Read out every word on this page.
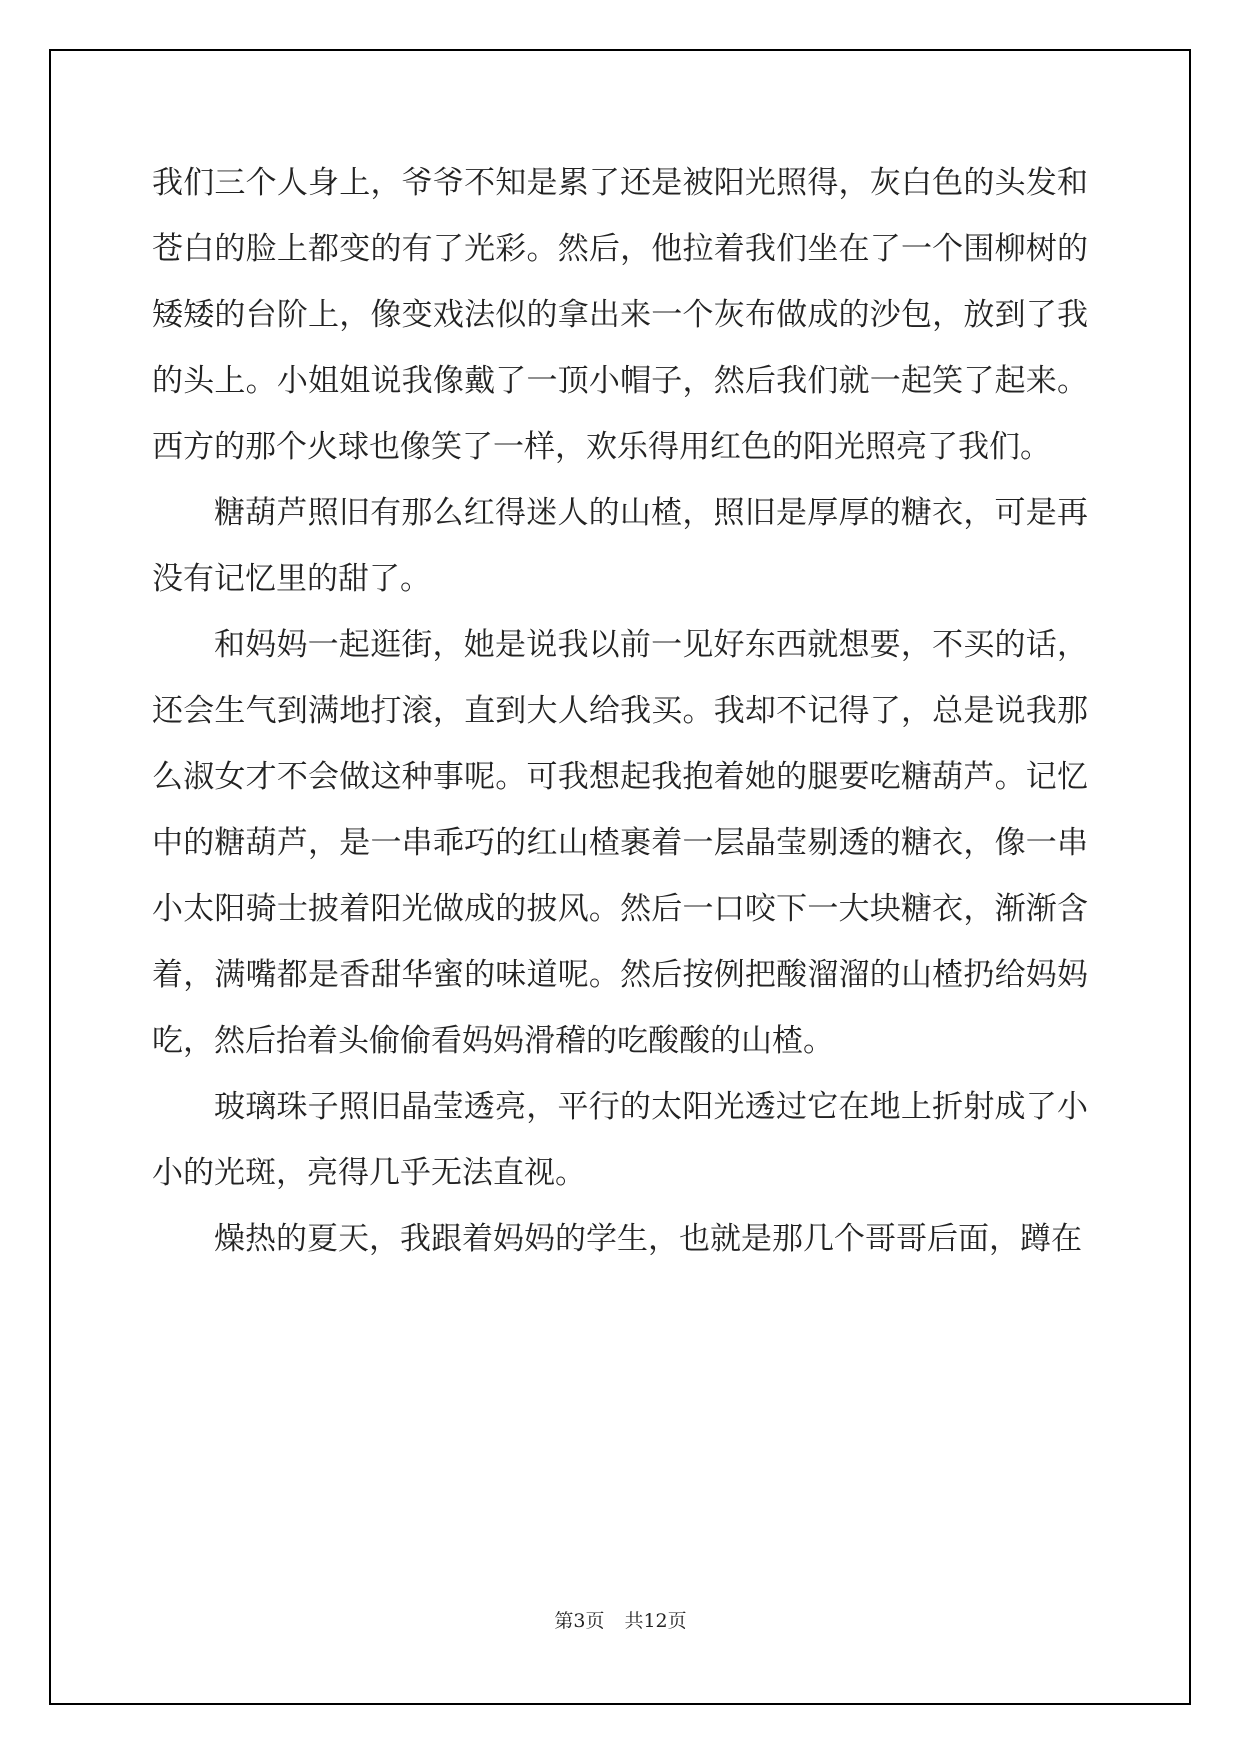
我们三个人身上，爷爷不知是累了还是被阳光照得，灰白色的头发和苍白的脸上都变的有了光彩。然后，他拉着我们坐在了一个围柳树的矮矮的台阶上，像变戏法似的拿出来一个灰布做成的沙包，放到了我的头上。小姐姐说我像戴了一顶小帽子，然后我们就一起笑了起来。西方的那个火球也像笑了一样，欢乐得用红色的阳光照亮了我们。

糖葫芦照旧有那么红得迷人的山楂，照旧是厚厚的糖衣，可是再没有记忆里的甜了。

和妈妈一起逛街，她是说我以前一见好东西就想要，不买的话，还会生气到满地打滚，直到大人给我买。我却不记得了，总是说我那么淑女才不会做这种事呢。可我想起我抱着她的腿要吃糖葫芦。记忆中的糖葫芦，是一串乖巧的红山楂裹着一层晶莹剔透的糖衣，像一串小太阳骑士披着阳光做成的披风。然后一口咬下一大块糖衣，渐渐含着，满嘴都是香甜华蜜的味道呢。然后按例把酸溜溜的山楂扔给妈妈吃，然后抬着头偷偷看妈妈滑稽的吃酸酸的山楂。

玻璃珠子照旧晶莹透亮，平行的太阳光透过它在地上折射成了小小的光斑，亮得几乎无法直视。

燥热的夏天，我跟着妈妈的学生，也就是那几个哥哥后面，蹲在

第3页 共12页
